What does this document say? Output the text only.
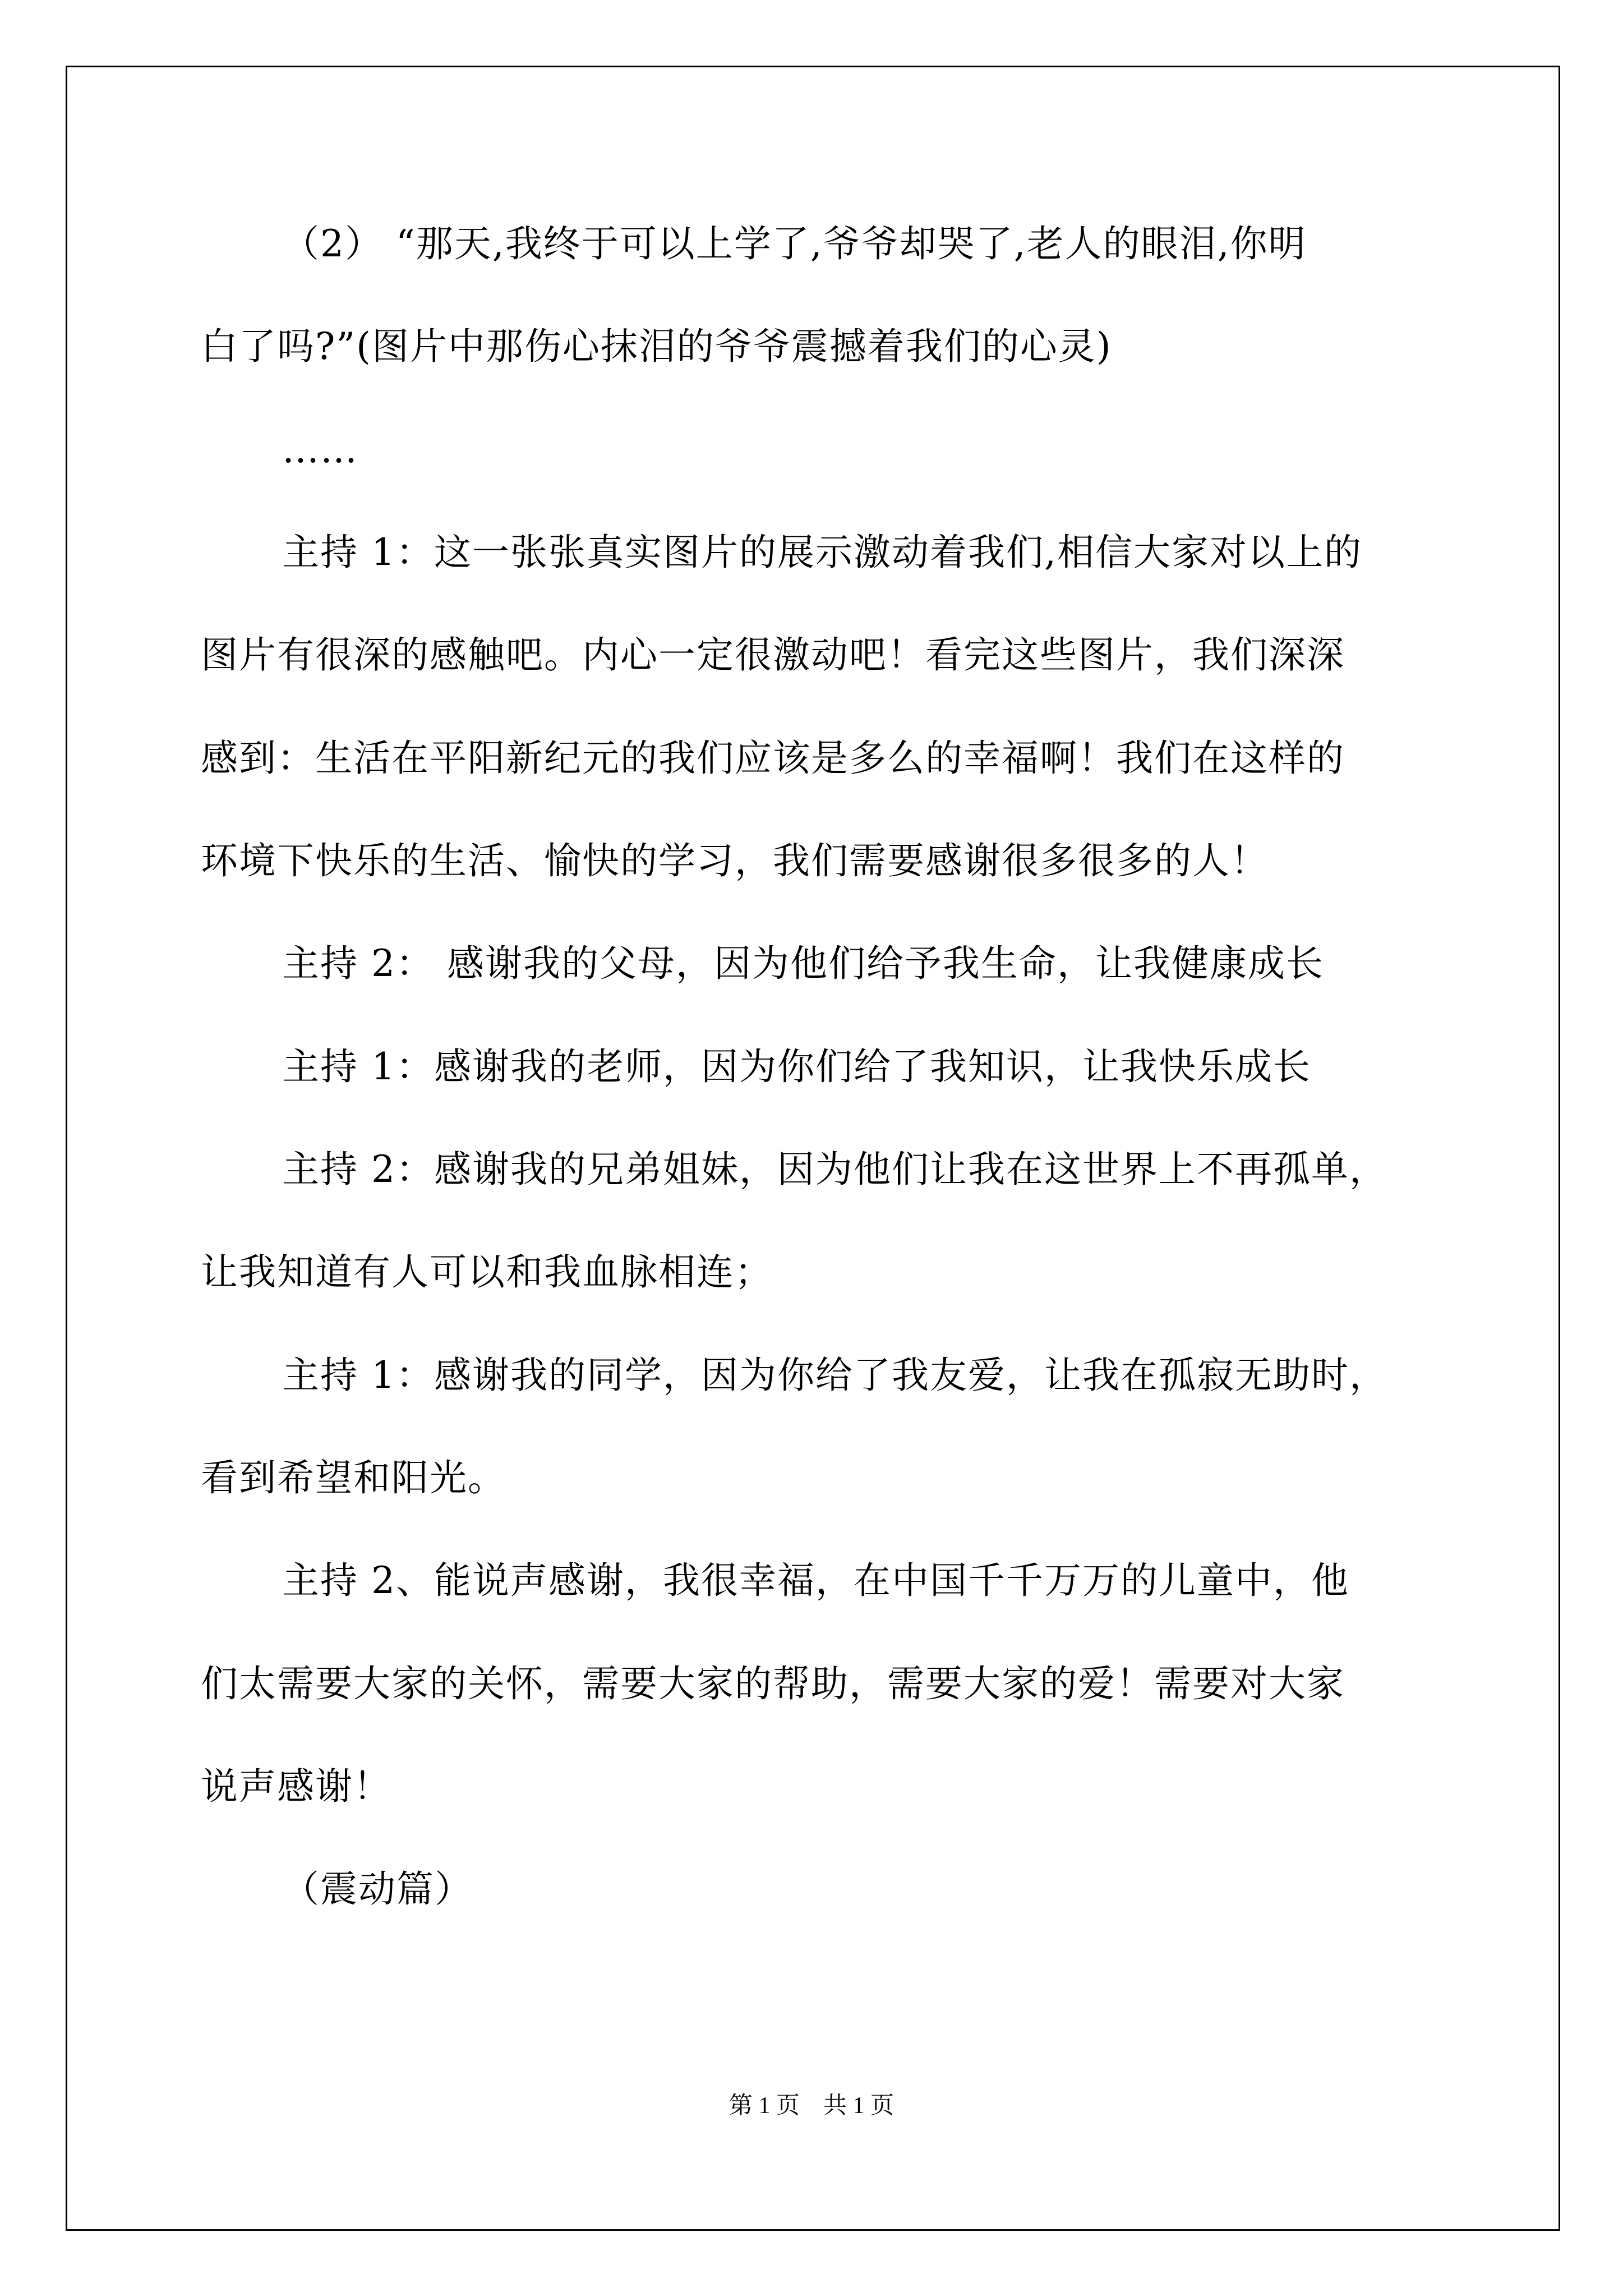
（2） “那天,我终于可以上学了,爷爷却哭了,老人的眼泪,你明
白了吗?”(图片中那伤心抹泪的爷爷震撼着我们的心灵)
……
主持 1：这一张张真实图片的展示激动着我们,相信大家对以上的
图片有很深的感触吧。内心一定很激动吧！看完这些图片，我们深深
感到：生活在平阳新纪元的我们应该是多么的幸福啊！我们在这样的
环境下快乐的生活、愉快的学习，我们需要感谢很多很多的人！
主持 2： 感谢我的父母，因为他们给予我生命，让我健康成长
主持 1：感谢我的老师，因为你们给了我知识，让我快乐成长
主持 2：感谢我的兄弟姐妹，因为他们让我在这世界上不再孤单，
让我知道有人可以和我血脉相连；
主持 1：感谢我的同学，因为你给了我友爱，让我在孤寂无助时，
看到希望和阳光。
主持 2、能说声感谢，我很幸福，在中国千千万万的儿童中，他
们太需要大家的关怀，需要大家的帮助，需要大家的爱！需要对大家
说声感谢！
（震动篇）
第 1 页　共 1 页
